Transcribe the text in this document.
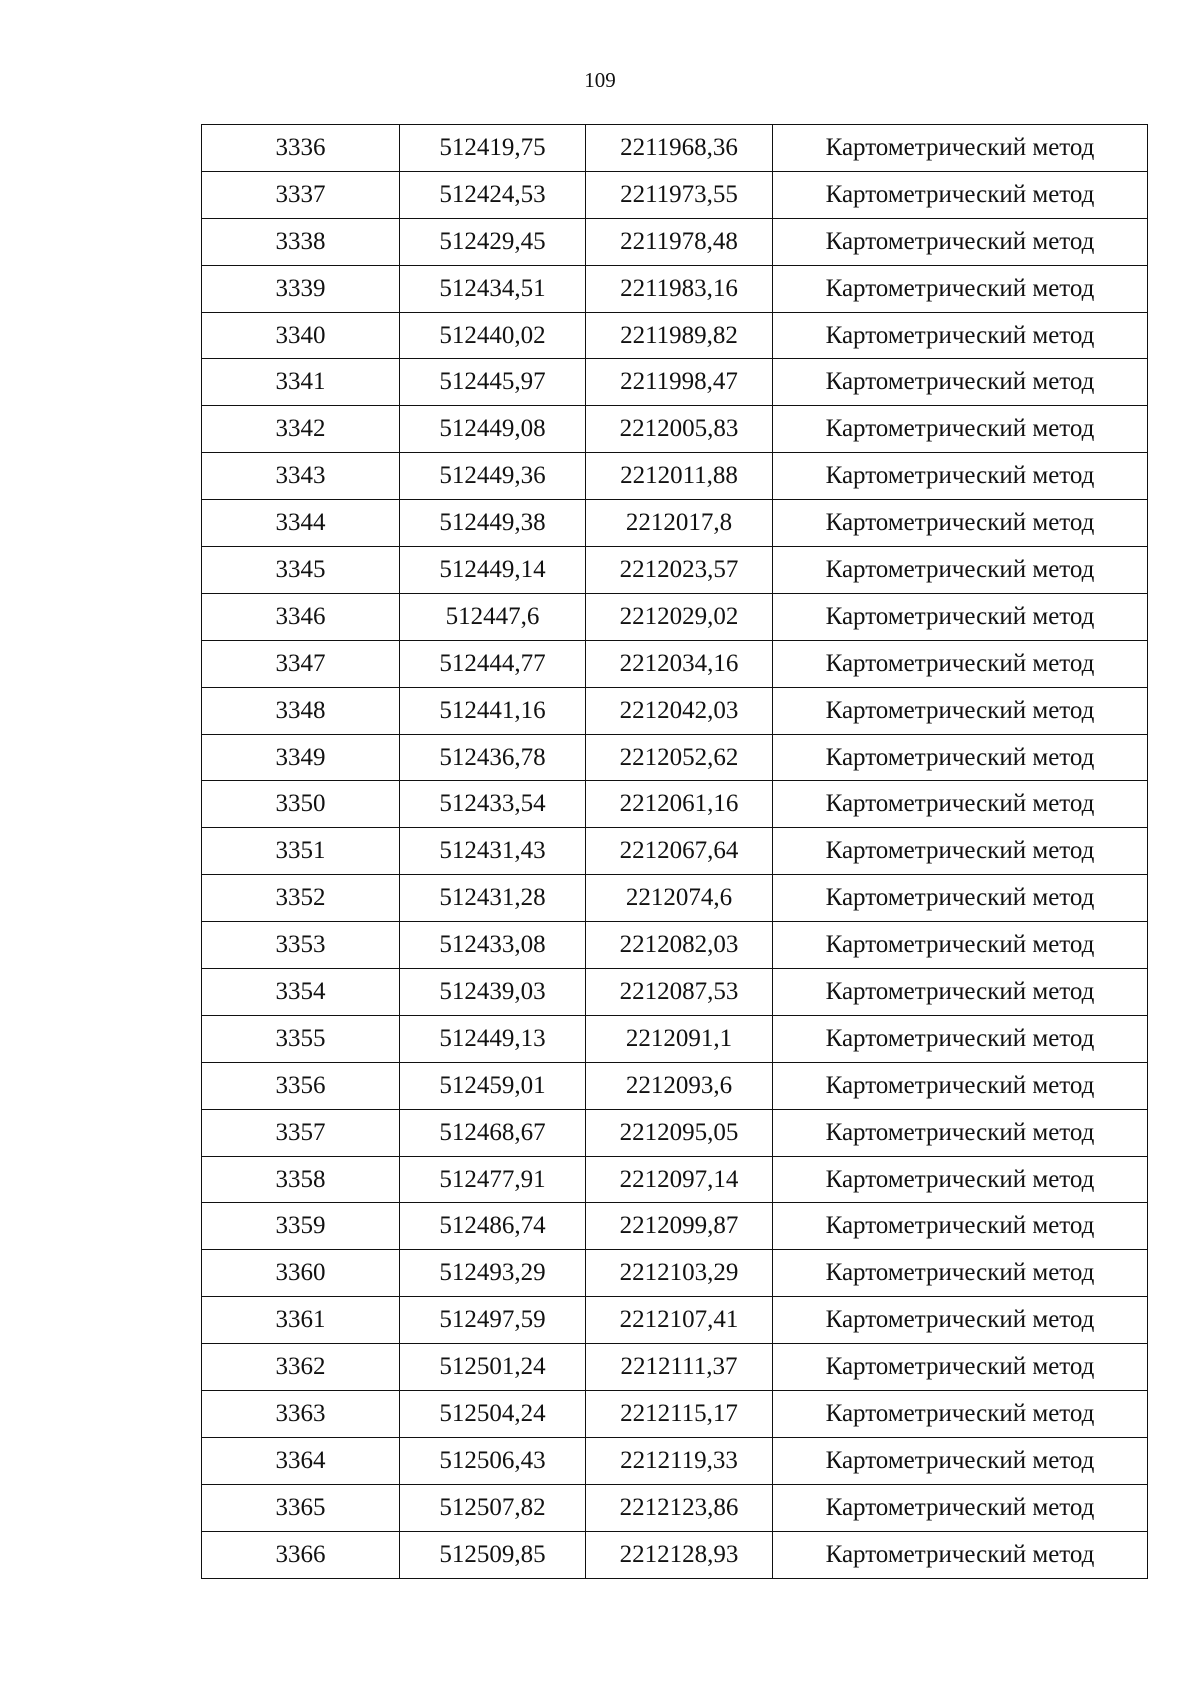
109
3336	512419,75	2211968,36	Картометрический метод
3337	512424,53	2211973,55	Картометрический метод
3338	512429,45	2211978,48	Картометрический метод
3339	512434,51	2211983,16	Картометрический метод
3340	512440,02	2211989,82	Картометрический метод
3341	512445,97	2211998,47	Картометрический метод
3342	512449,08	2212005,83	Картометрический метод
3343	512449,36	2212011,88	Картометрический метод
3344	512449,38	2212017,8	Картометрический метод
3345	512449,14	2212023,57	Картометрический метод
3346	512447,6	2212029,02	Картометрический метод
3347	512444,77	2212034,16	Картометрический метод
3348	512441,16	2212042,03	Картометрический метод
3349	512436,78	2212052,62	Картометрический метод
3350	512433,54	2212061,16	Картометрический метод
3351	512431,43	2212067,64	Картометрический метод
3352	512431,28	2212074,6	Картометрический метод
3353	512433,08	2212082,03	Картометрический метод
3354	512439,03	2212087,53	Картометрический метод
3355	512449,13	2212091,1	Картометрический метод
3356	512459,01	2212093,6	Картометрический метод
3357	512468,67	2212095,05	Картометрический метод
3358	512477,91	2212097,14	Картометрический метод
3359	512486,74	2212099,87	Картометрический метод
3360	512493,29	2212103,29	Картометрический метод
3361	512497,59	2212107,41	Картометрический метод
3362	512501,24	2212111,37	Картометрический метод
3363	512504,24	2212115,17	Картометрический метод
3364	512506,43	2212119,33	Картометрический метод
3365	512507,82	2212123,86	Картометрический метод
3366	512509,85	2212128,93	Картометрический метод
